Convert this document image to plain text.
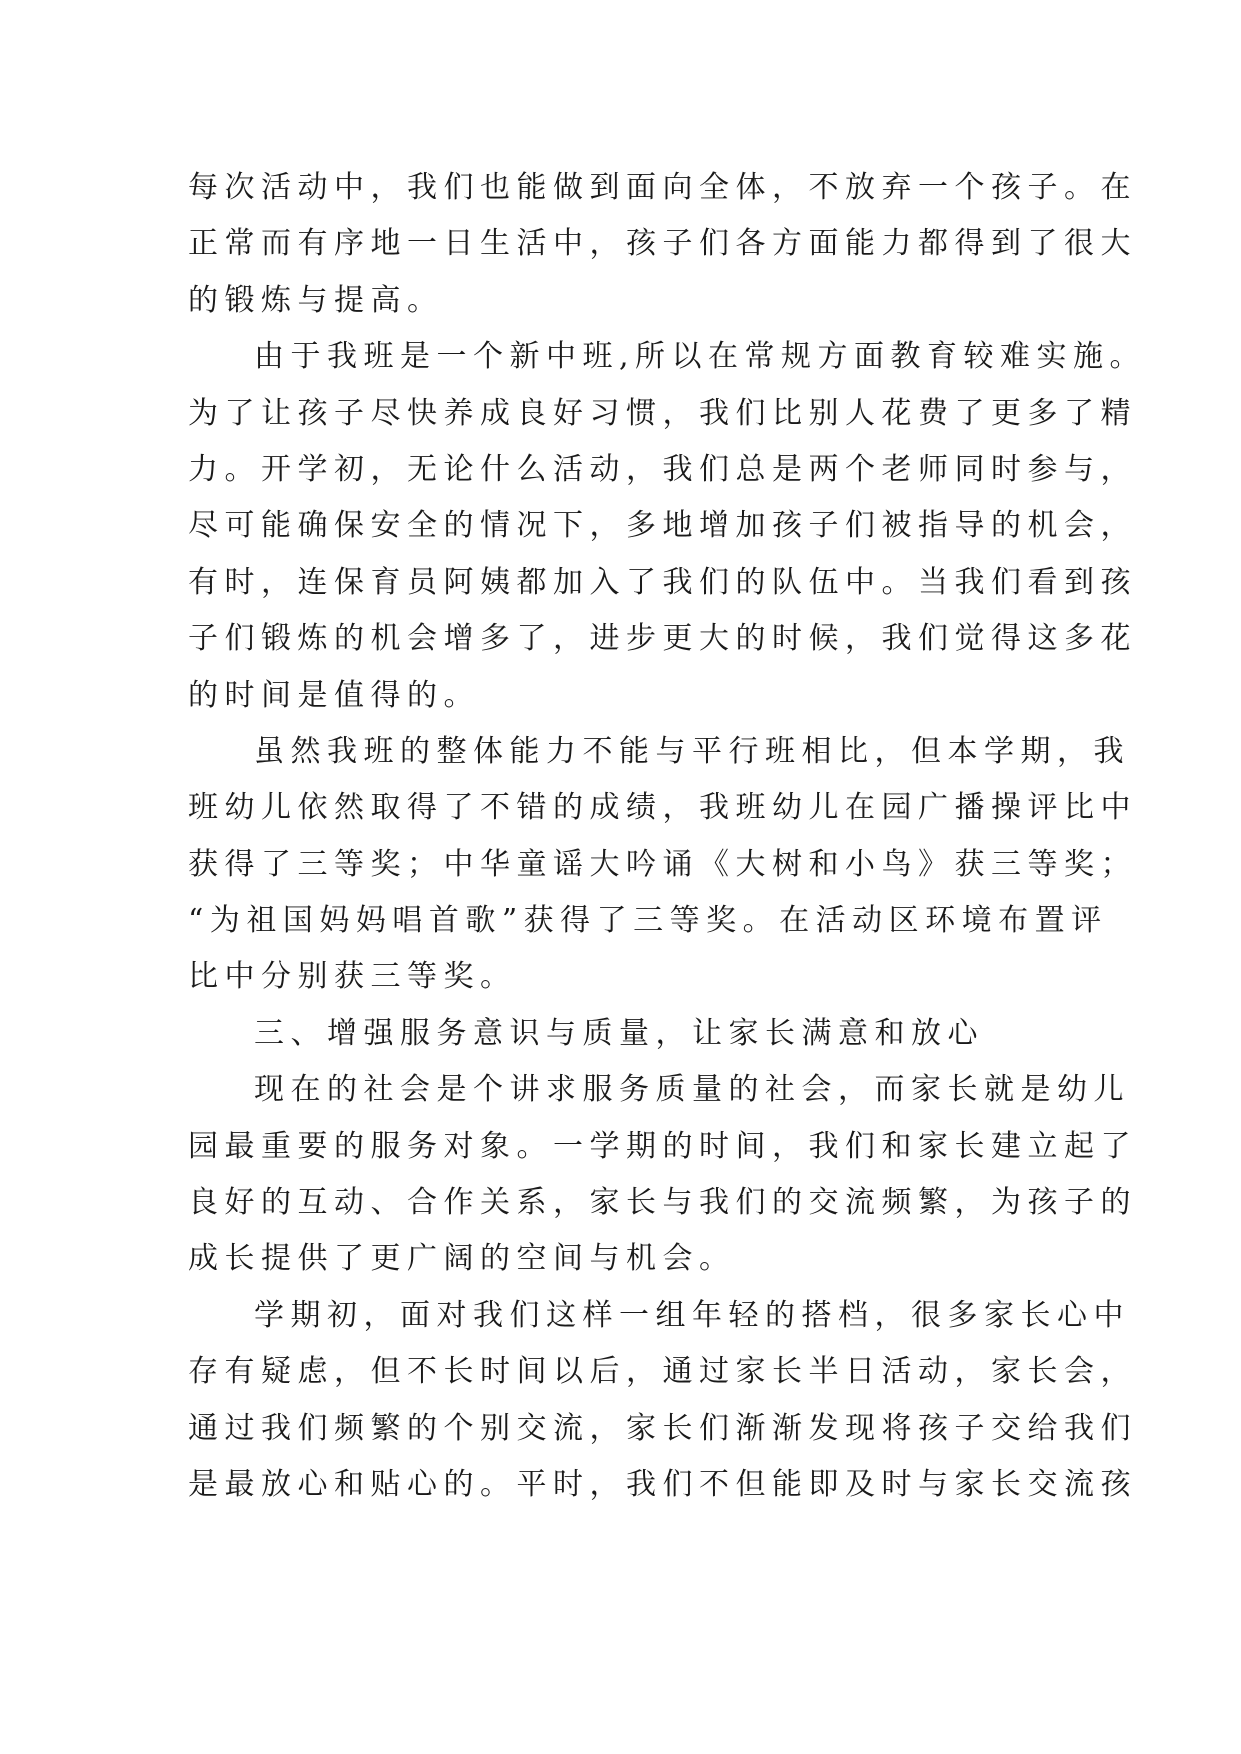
每次活动中，我们也能做到面向全体，不放弃一个孩子。在
正常而有序地一日生活中，孩子们各方面能力都得到了很大
的锻炼与提高。
由于我班是一个新中班,所以在常规方面教育较难实施。
为了让孩子尽快养成良好习惯，我们比别人花费了更多了精
力。开学初，无论什么活动，我们总是两个老师同时参与，
尽可能确保安全的情况下，多地增加孩子们被指导的机会，
有时，连保育员阿姨都加入了我们的队伍中。当我们看到孩
子们锻炼的机会增多了，进步更大的时候，我们觉得这多花
的时间是值得的。
虽然我班的整体能力不能与平行班相比，但本学期，我
班幼儿依然取得了不错的成绩，我班幼儿在园广播操评比中
获得了三等奖；中华童谣大吟诵《大树和小鸟》获三等奖；
“为祖国妈妈唱首歌”获得了三等奖。在活动区环境布置评
比中分别获三等奖。
三、增强服务意识与质量，让家长满意和放心
现在的社会是个讲求服务质量的社会，而家长就是幼儿
园最重要的服务对象。一学期的时间，我们和家长建立起了
良好的互动、合作关系，家长与我们的交流频繁，为孩子的
成长提供了更广阔的空间与机会。
学期初，面对我们这样一组年轻的搭档，很多家长心中
存有疑虑，但不长时间以后，通过家长半日活动，家长会，
通过我们频繁的个别交流，家长们渐渐发现将孩子交给我们
是最放心和贴心的。平时，我们不但能即及时与家长交流孩
